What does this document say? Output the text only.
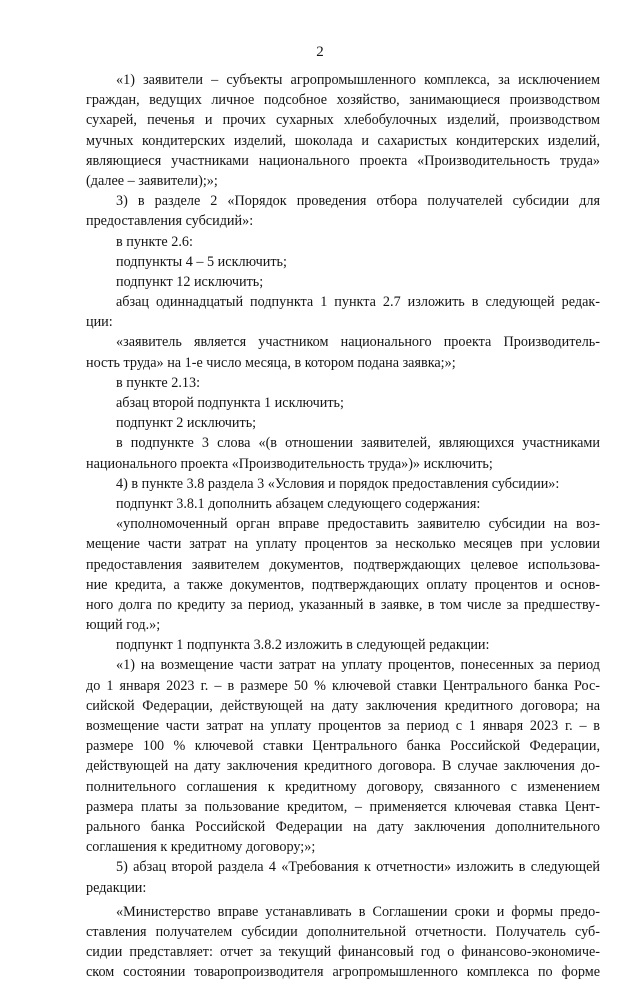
2
«1) заявители – субъекты агропромышленного комплекса, за исключением
граждан, ведущих личное подсобное хозяйство, занимающиеся производством
сухарей, печенья и прочих сухарных хлебобулочных изделий, производством
мучных кондитерских изделий, шоколада и сахаристых кондитерских изделий,
являющиеся участниками национального проекта «Производительность труда»
(далее – заявители);»;
3) в разделе 2 «Порядок проведения отбора получателей субсидии для
предоставления субсидий»:
в пункте 2.6:
подпункты 4 – 5 исключить;
подпункт 12 исключить;
абзац одиннадцатый подпункта 1 пункта 2.7 изложить в следующей редак-
ции:
«заявитель является участником национального проекта Производитель-
ность труда» на 1-е число месяца, в котором подана заявка;»;
в пункте 2.13:
абзац второй подпункта 1 исключить;
подпункт 2 исключить;
в подпункте 3 слова «(в отношении заявителей, являющихся участниками
национального проекта «Производительность труда»)» исключить;
4) в пункте 3.8 раздела 3 «Условия и порядок предоставления субсидии»:
подпункт 3.8.1 дополнить абзацем следующего содержания:
«уполномоченный орган вправе предоставить заявителю субсидии на воз-
мещение части затрат на уплату процентов за несколько месяцев при условии
предоставления заявителем документов, подтверждающих целевое использова-
ние кредита, а также документов, подтверждающих оплату процентов и основ-
ного долга по кредиту за период, указанный в заявке, в том числе за предшеству-
ющий год.»;
подпункт 1 подпункта 3.8.2 изложить в следующей редакции:
«1) на возмещение части затрат на уплату процентов, понесенных за период
до 1 января 2023 г. – в размере 50 % ключевой ставки Центрального банка Рос-
сийской Федерации, действующей на дату заключения кредитного договора; на
возмещение части затрат на уплату процентов за период с 1 января 2023 г. – в
размере 100 % ключевой ставки Центрального банка Российской Федерации,
действующей на дату заключения кредитного договора. В случае заключения до-
полнительного соглашения к кредитному договору, связанного с изменением
размера платы за пользование кредитом, – применяется ключевая ставка Цент-
рального банка Российской Федерации на дату заключения дополнительного
соглашения к кредитному договору;»;
5) абзац второй раздела 4 «Требования к отчетности» изложить в следующей
редакции:
«Министерство вправе устанавливать в Соглашении сроки и формы предо-
ставления получателем субсидии дополнительной отчетности. Получатель суб-
сидии представляет: отчет за текущий финансовый год о финансово-экономиче-
ском состоянии товаропроизводителя агропромышленного комплекса по форме
